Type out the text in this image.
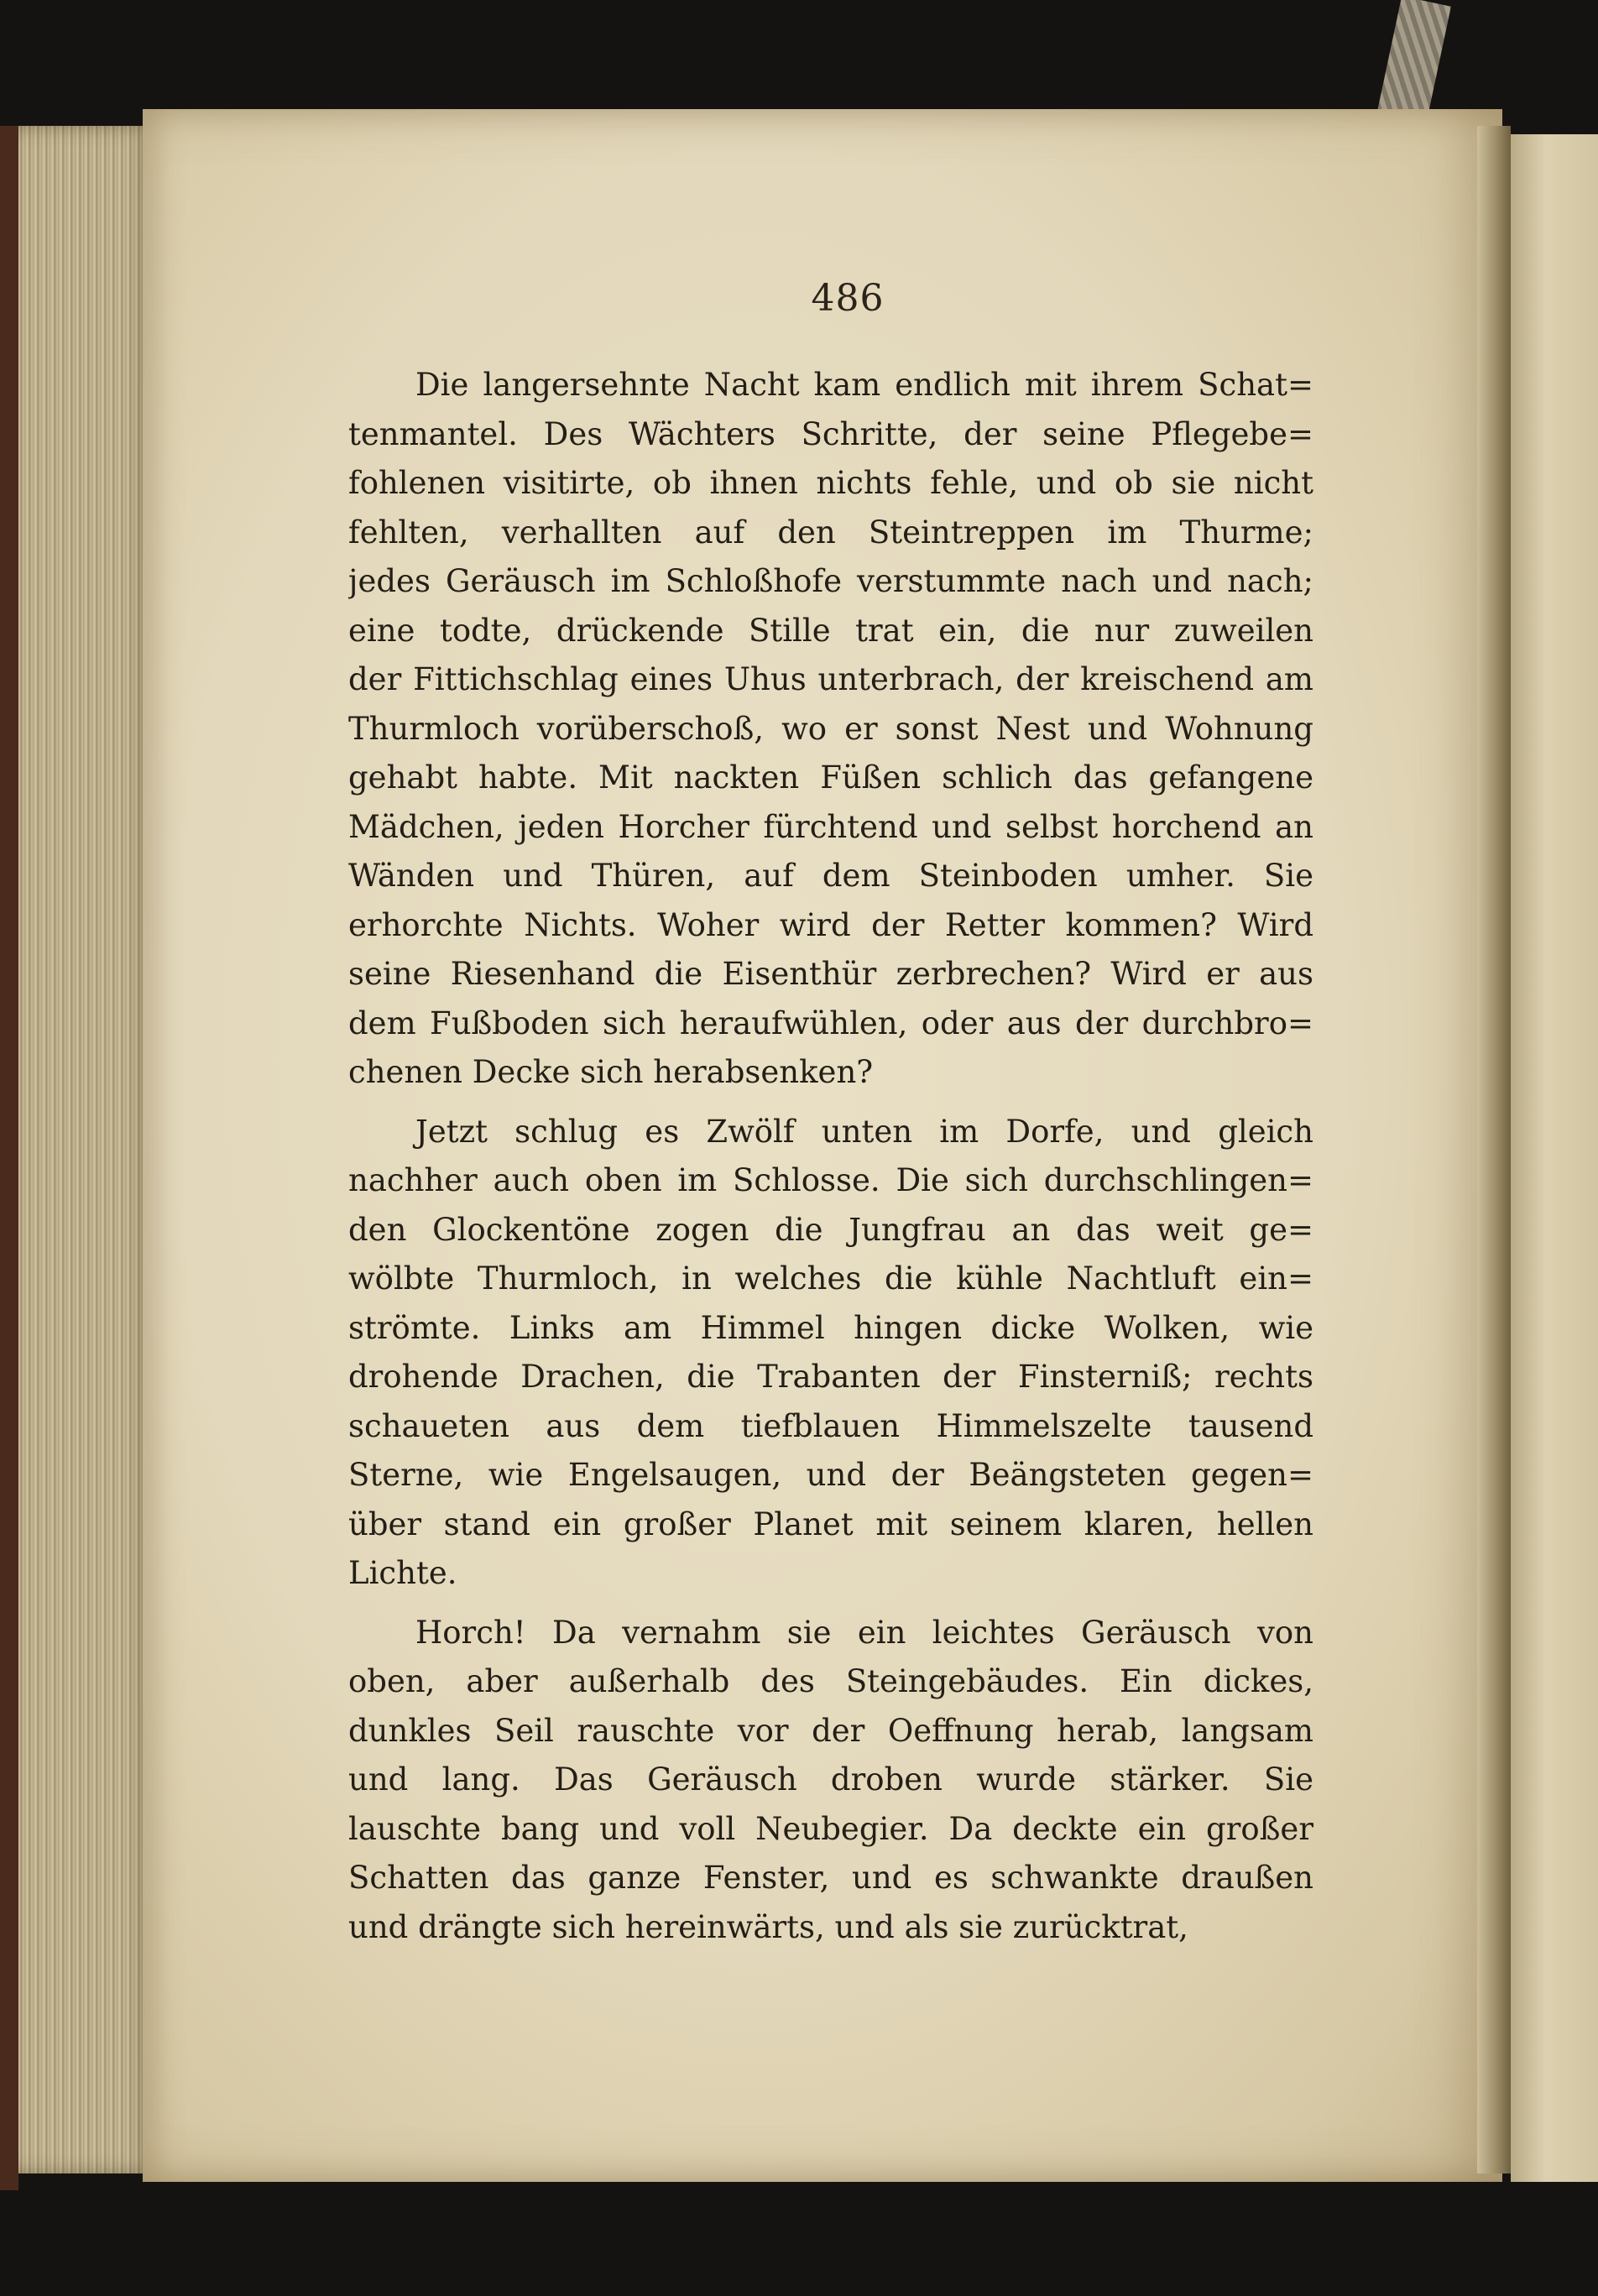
486
Die langersehnte Nacht kam endlich mit ihrem Schat=
tenmantel. Des Wächters Schritte, der seine Pflegebe=
fohlenen visitirte, ob ihnen nichts fehle, und ob sie nicht
fehlten, verhallten auf den Steintreppen im Thurme;
jedes Geräusch im Schloßhofe verstummte nach und nach;
eine todte, drückende Stille trat ein, die nur zuweilen
der Fittichschlag eines Uhus unterbrach, der kreischend am
Thurmloch vorüberschoß, wo er sonst Nest und Wohnung
gehabt habte. Mit nackten Füßen schlich das gefangene
Mädchen, jeden Horcher fürchtend und selbst horchend an
Wänden und Thüren, auf dem Steinboden umher. Sie
erhorchte Nichts. Woher wird der Retter kommen? Wird
seine Riesenhand die Eisenthür zerbrechen? Wird er aus
dem Fußboden sich heraufwühlen, oder aus der durchbro=
chenen Decke sich herabsenken?
Jetzt schlug es Zwölf unten im Dorfe, und gleich
nachher auch oben im Schlosse. Die sich durchschlingen=
den Glockentöne zogen die Jungfrau an das weit ge=
wölbte Thurmloch, in welches die kühle Nachtluft ein=
strömte. Links am Himmel hingen dicke Wolken, wie
drohende Drachen, die Trabanten der Finsterniß; rechts
schaueten aus dem tiefblauen Himmelszelte tausend
Sterne, wie Engelsaugen, und der Beängsteten gegen=
über stand ein großer Planet mit seinem klaren, hellen
Lichte.
Horch! Da vernahm sie ein leichtes Geräusch von
oben, aber außerhalb des Steingebäudes. Ein dickes,
dunkles Seil rauschte vor der Oeffnung herab, langsam
und lang. Das Geräusch droben wurde stärker. Sie
lauschte bang und voll Neubegier. Da deckte ein großer
Schatten das ganze Fenster, und es schwankte draußen
und drängte sich hereinwärts, und als sie zurücktrat,
